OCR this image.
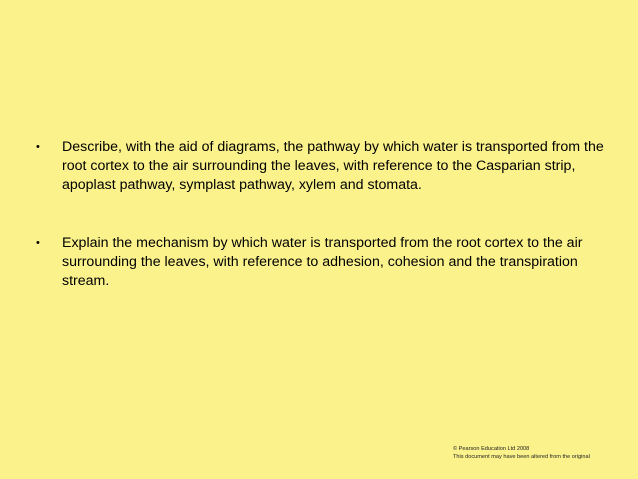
• Describe, with the aid of diagrams, the pathway by which water is transported from the root cortex to the air surrounding the leaves, with reference to the Casparian strip, apoplast pathway, symplast pathway, xylem and stomata.
• Explain the mechanism by which water is transported from the root cortex to the air surrounding the leaves, with reference to adhesion, cohesion and the transpiration stream.
© Pearson Education Ltd 2008
This document may have been altered from the original
